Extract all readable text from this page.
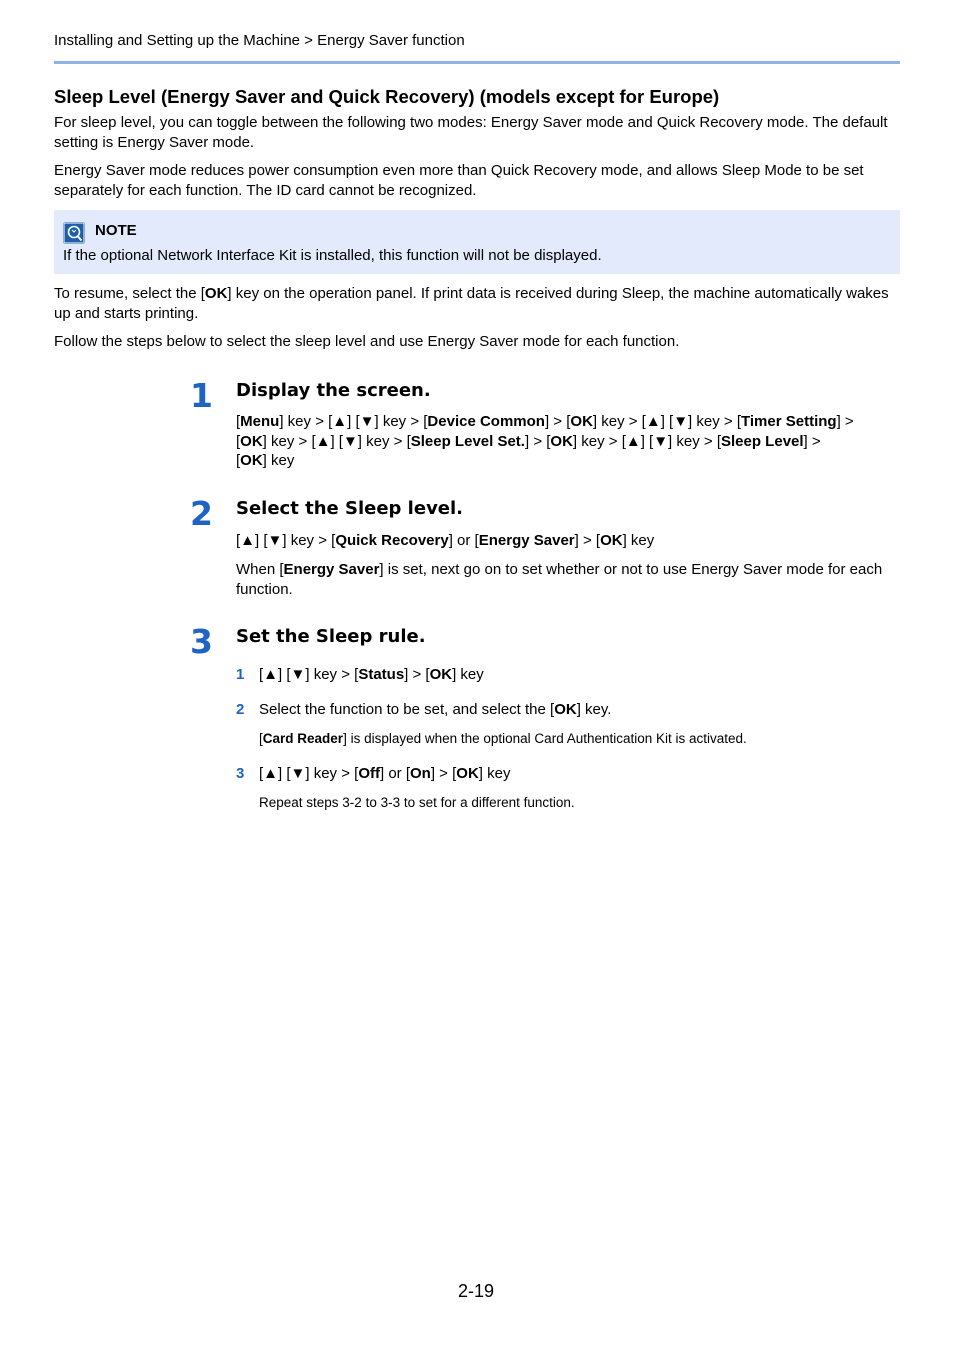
Installing and Setting up the Machine > Energy Saver function
Sleep Level (Energy Saver and Quick Recovery) (models except for Europe)

For sleep level, you can toggle between the following two modes: Energy Saver mode and Quick Recovery mode. The default setting is Energy Saver mode.

Energy Saver mode reduces power consumption even more than Quick Recovery mode, and allows Sleep Mode to be set separately for each function. The ID card cannot be recognized.

NOTE
If the optional Network Interface Kit is installed, this function will not be displayed.

To resume, select the [OK] key on the operation panel. If print data is received during Sleep, the machine automatically wakes up and starts printing.

Follow the steps below to select the sleep level and use Energy Saver mode for each function.

1 Display the screen.

[Menu] key > [▲] [▼] key > [Device Common] > [OK] key > [▲] [▼] key > [Timer Setting] >
[OK] key > [▲] [▼] key > [Sleep Level Set.] > [OK] key > [▲] [▼] key > [Sleep Level] >
[OK] key

2 Select the Sleep level.

[▲] [▼] key > [Quick Recovery] or [Energy Saver] > [OK] key

When [Energy Saver] is set, next go on to set whether or not to use Energy Saver mode for each function.

3 Set the Sleep rule.
1 [▲] [▼] key > [Status] > [OK] key
2 Select the function to be set, and select the [OK] key.
[Card Reader] is displayed when the optional Card Authentication Kit is activated.
3 [▲] [▼] key > [Off] or [On] > [OK] key
Repeat steps 3-2 to 3-3 to set for a different function.
2-19
